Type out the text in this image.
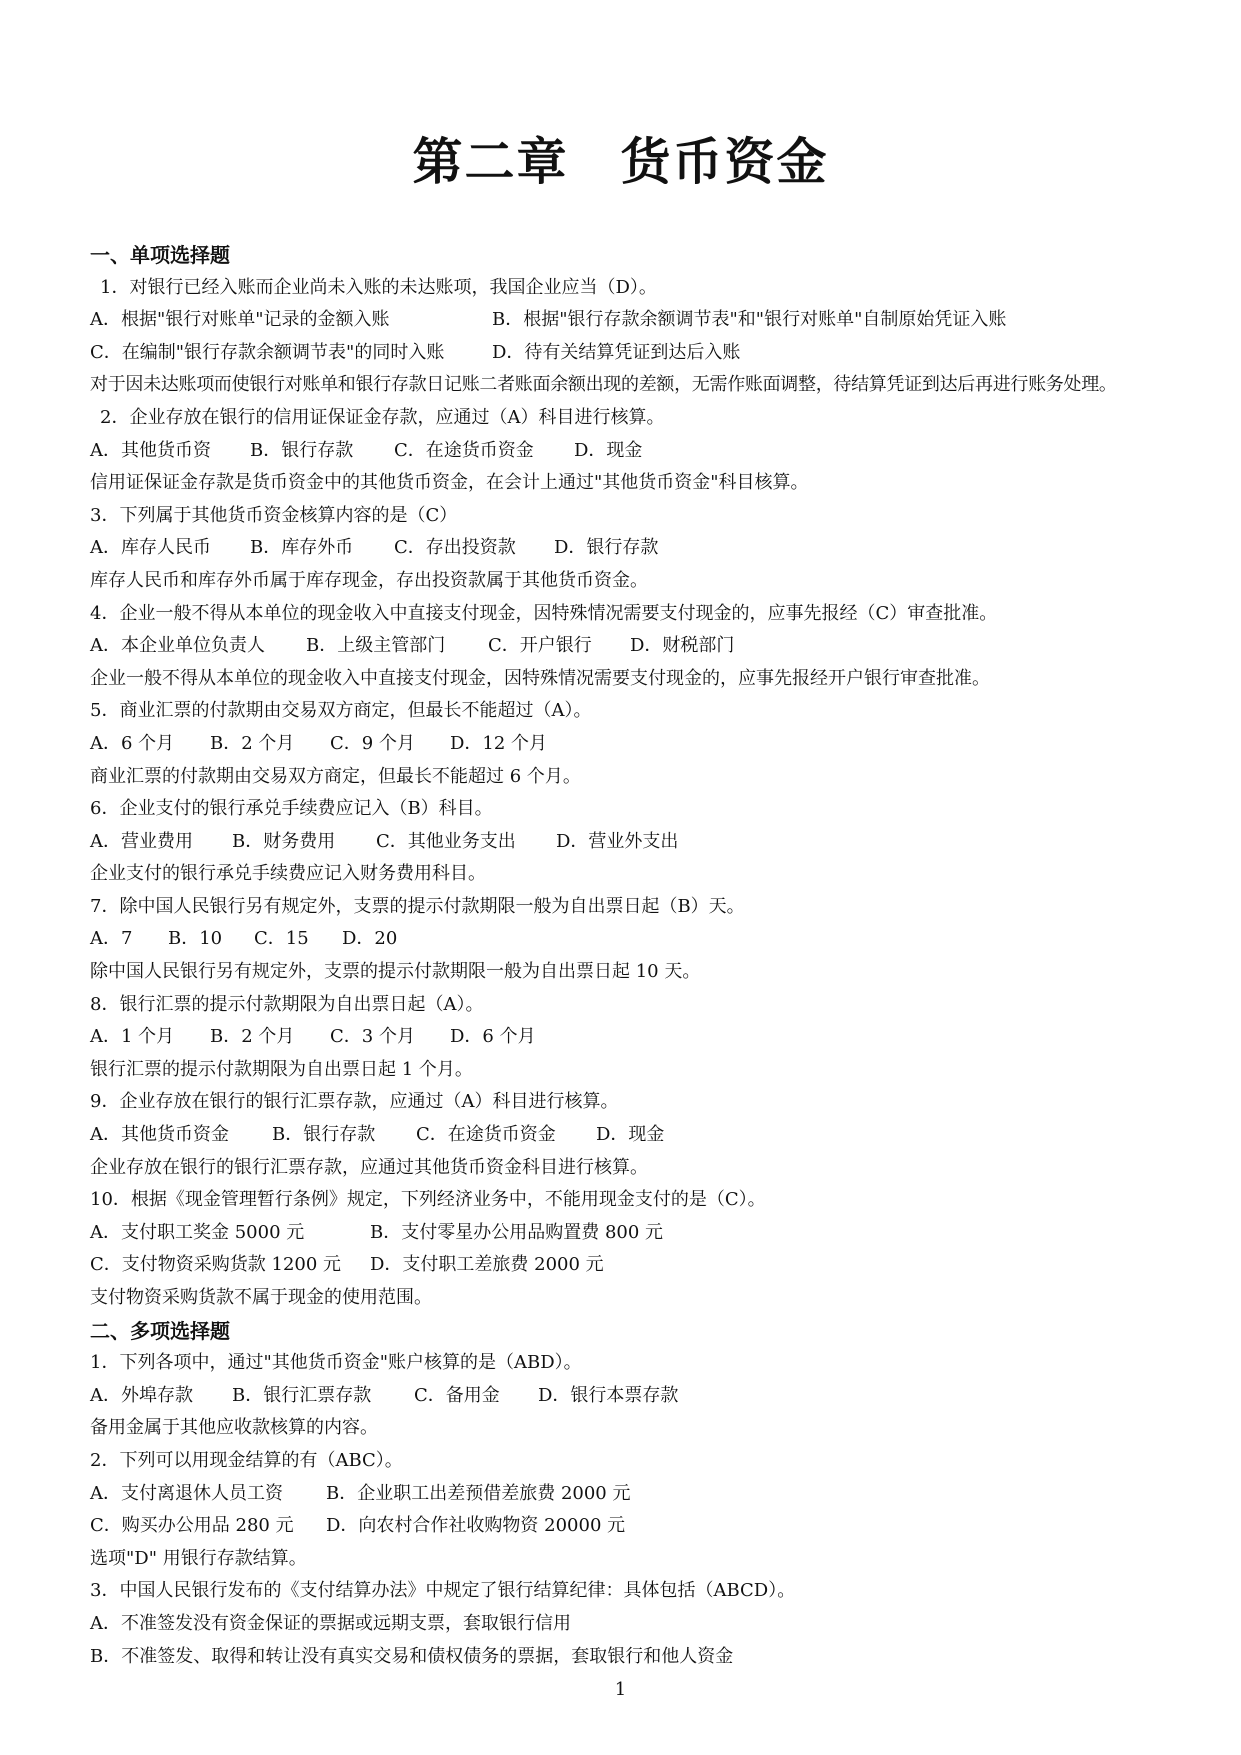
第二章　货币资金
一、单项选择题
1．对银行已经入账而企业尚未入账的未达账项，我国企业应当（D）。
A．根据"银行对账单"记录的金额入账	B．根据"银行存款余额调节表"和"银行对账单"自制原始凭证入账
C．在编制"银行存款余额调节表"的同时入账	D．待有关结算凭证到达后入账
对于因未达账项而使银行对账单和银行存款日记账二者账面余额出现的差额，无需作账面调整，待结算凭证到达后再进行账务处理。
2．企业存放在银行的信用证保证金存款，应通过（A）科目进行核算。
A．其他货币资	B．银行存款	C．在途货币资金	D．现金
信用证保证金存款是货币资金中的其他货币资金，在会计上通过"其他货币资金"科目核算。
3．下列属于其他货币资金核算内容的是（C）
A．库存人民币	B．库存外币	C．存出投资款	D．银行存款
库存人民币和库存外币属于库存现金，存出投资款属于其他货币资金。
4．企业一般不得从本单位的现金收入中直接支付现金，因特殊情况需要支付现金的，应事先报经（C）审查批准。
A．本企业单位负责人	B．上级主管部门	C．开户银行	D．财税部门
企业一般不得从本单位的现金收入中直接支付现金，因特殊情况需要支付现金的，应事先报经开户银行审查批准。
5．商业汇票的付款期由交易双方商定，但最长不能超过（A）。
A．6 个月	B．2 个月	C．9 个月	D．12 个月
商业汇票的付款期由交易双方商定，但最长不能超过 6 个月。
6．企业支付的银行承兑手续费应记入（B）科目。
A．营业费用	B．财务费用	C．其他业务支出	D．营业外支出
企业支付的银行承兑手续费应记入财务费用科目。
7．除中国人民银行另有规定外，支票的提示付款期限一般为自出票日起（B）天。
A．7	B．10	C．15	D．20
除中国人民银行另有规定外，支票的提示付款期限一般为自出票日起 10 天。
8．银行汇票的提示付款期限为自出票日起（A）。
A．1 个月	B．2 个月	C．3 个月	D．6 个月
银行汇票的提示付款期限为自出票日起 1 个月。
9．企业存放在银行的银行汇票存款，应通过（A）科目进行核算。
A．其他货币资金	B．银行存款	C．在途货币资金	D．现金
企业存放在银行的银行汇票存款，应通过其他货币资金科目进行核算。
10．根据《现金管理暂行条例》规定，下列经济业务中，不能用现金支付的是（C）。
A．支付职工奖金 5000 元	B．支付零星办公用品购置费 800 元
C．支付物资采购货款 1200 元	D．支付职工差旅费 2000 元
支付物资采购货款不属于现金的使用范围。
二、多项选择题
1．下列各项中，通过"其他货币资金"账户核算的是（ABD）。
A．外埠存款	B．银行汇票存款	C．备用金	D．银行本票存款
备用金属于其他应收款核算的内容。
2．下列可以用现金结算的有（ABC）。
A．支付离退休人员工资	B．企业职工出差预借差旅费 2000 元
C．购买办公用品 280 元	D．向农村合作社收购物资 20000 元
选项"D" 用银行存款结算。
3．中国人民银行发布的《支付结算办法》中规定了银行结算纪律：具体包括（ABCD）。
A．不准签发没有资金保证的票据或远期支票，套取银行信用
B．不准签发、取得和转让没有真实交易和债权债务的票据，套取银行和他人资金
1
